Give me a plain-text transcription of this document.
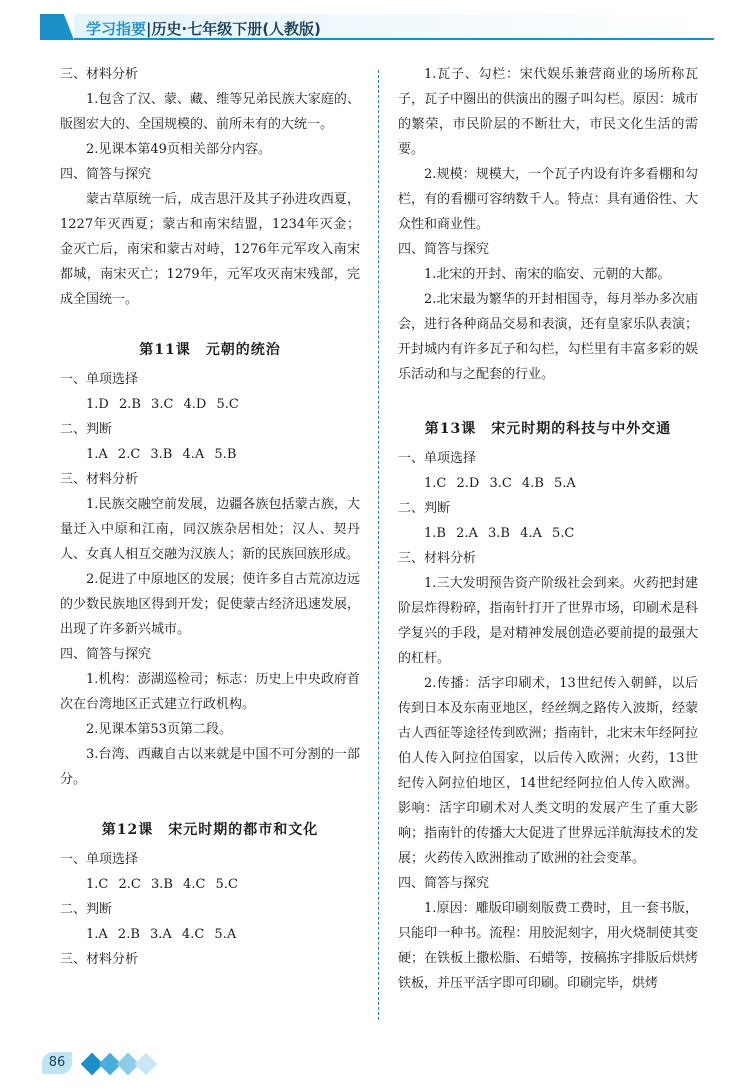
学习指要|历史·七年级下册(人教版)

三、材料分析

1.包含了汉、蒙、藏、维等兄弟民族大家庭的、版图宏大的、全国规模的、前所未有的大统一。

2.见课本第49页相关部分内容。

四、简答与探究

蒙古草原统一后，成吉思汗及其子孙进攻西夏，1227年灭西夏；蒙古和南宋结盟，1234年灭金；金灭亡后，南宋和蒙古对峙，1276年元军攻入南宋都城，南宋灭亡；1279年，元军攻灭南宋残部，完成全国统一。

第11课　元朝的统治

一、单项选择

1.D 2.B 3.C 4.D 5.C

二、判断

1.A 2.C 3.B 4.A 5.B

三、材料分析

1.民族交融空前发展，边疆各族包括蒙古族，大量迁入中原和江南，同汉族杂居相处；汉人、契丹人、女真人相互交融为汉族人；新的民族回族形成。

2.促进了中原地区的发展；使许多自古荒凉边远的少数民族地区得到开发；促使蒙古经济迅速发展，出现了许多新兴城市。

四、简答与探究

1.机构：澎湖巡检司；标志：历史上中央政府首次在台湾地区正式建立行政机构。

2.见课本第53页第二段。

3.台湾、西藏自古以来就是中国不可分割的一部分。

第12课　宋元时期的都市和文化

一、单项选择

1.C 2.C 3.B 4.C 5.C

二、判断

1.A 2.B 3.A 4.C 5.A

三、材料分析

1.瓦子、勾栏：宋代娱乐兼营商业的场所称瓦子，瓦子中圈出的供演出的圈子叫勾栏。原因：城市的繁荣，市民阶层的不断壮大，市民文化生活的需要。

2.规模：规模大，一个瓦子内设有许多看棚和勾栏，有的看棚可容纳数千人。特点：具有通俗性、大众性和商业性。

四、简答与探究

1.北宋的开封、南宋的临安、元朝的大都。

2.北宋最为繁华的开封相国寺，每月举办多次庙会，进行各种商品交易和表演，还有皇家乐队表演；开封城内有许多瓦子和勾栏，勾栏里有丰富多彩的娱乐活动和与之配套的行业。

第13课　宋元时期的科技与中外交通

一、单项选择

1.C 2.D 3.C 4.B 5.A

二、判断

1.B 2.A 3.B 4.A 5.C

三、材料分析

1.三大发明预告资产阶级社会到来。火药把封建阶层炸得粉碎，指南针打开了世界市场，印刷术是科学复兴的手段，是对精神发展创造必要前提的最强大的杠杆。

2.传播：活字印刷术，13世纪传入朝鲜，以后传到日本及东南亚地区，经丝绸之路传入波斯，经蒙古人西征等途径传到欧洲；指南针，北宋末年经阿拉伯人传入阿拉伯国家，以后传入欧洲；火药，13世纪传入阿拉伯地区，14世纪经阿拉伯人传入欧洲。影响：活字印刷术对人类文明的发展产生了重大影响；指南针的传播大大促进了世界远洋航海技术的发展；火药传入欧洲推动了欧洲的社会变革。

四、简答与探究

1.原因：雕版印刷刻版费工费时，且一套书版，只能印一种书。流程：用胶泥刻字，用火烧制使其变硬；在铁板上撒松脂、石蜡等，按稿拣字排版后烘烤铁板，并压平活字即可印刷。印刷完毕，烘烤

86
